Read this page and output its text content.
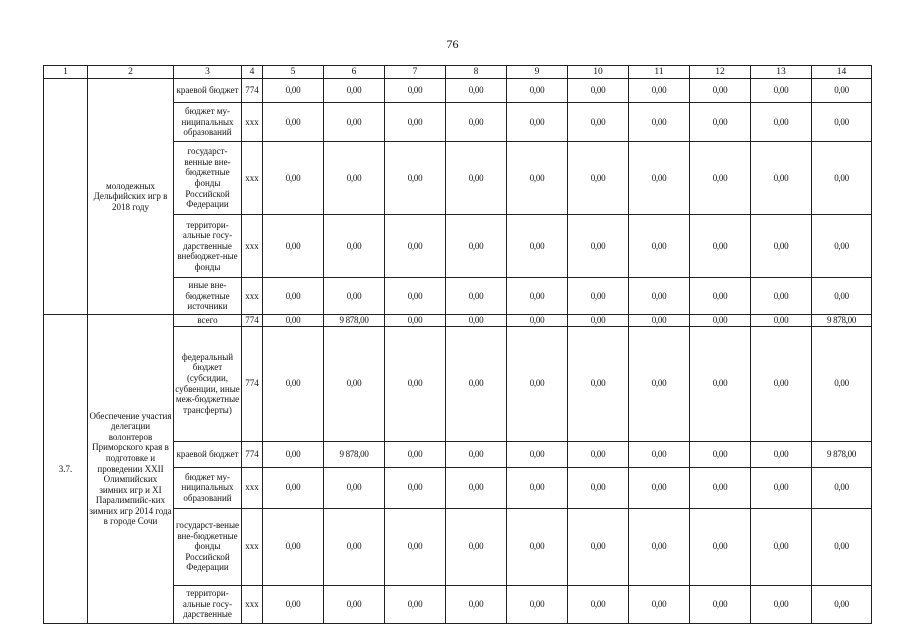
76
1	2	3	4	5	6	7	8	9	10	11	12	13	14
	молодежных Дельфийских игр в 2018 году	краевой бюджет	774	0,00	0,00	0,00	0,00	0,00	0,00	0,00	0,00	0,00	0,00
		бюджет му-ниципальных образований	xxx	0,00	0,00	0,00	0,00	0,00	0,00	0,00	0,00	0,00	0,00
		государст-венные вне-бюджетные фонды Российской Федерации	xxx	0,00	0,00	0,00	0,00	0,00	0,00	0,00	0,00	0,00	0,00
		территори-альные госу-дарственные внебюджет-ные фонды	xxx	0,00	0,00	0,00	0,00	0,00	0,00	0,00	0,00	0,00	0,00
		иные вне-бюджетные источники	xxx	0,00	0,00	0,00	0,00	0,00	0,00	0,00	0,00	0,00	0,00
3.7.	Обеспечение участия делегации волонтеров Приморского края в подготовке и проведении XXII Олимпийских зимних игр и XI Паралимпийс-ких зимних игр 2014 года в городе Сочи	всего	774	0,00	9 878,00	0,00	0,00	0,00	0,00	0,00	0,00	0,00	9 878,00
		федеральный бюджет (субсидии, субвенции, иные меж-бюджетные трансферты)	774	0,00	0,00	0,00	0,00	0,00	0,00	0,00	0,00	0,00	0,00
		краевой бюджет	774	0,00	9 878,00	0,00	0,00	0,00	0,00	0,00	0,00	0,00	9 878,00
		бюджет му-ниципальных образований	xxx	0,00	0,00	0,00	0,00	0,00	0,00	0,00	0,00	0,00	0,00
		государст-веные вне-бюджетные фонды Российской Федерации	xxx	0,00	0,00	0,00	0,00	0,00	0,00	0,00	0,00	0,00	0,00
		территори-альные госу-дарственные	xxx	0,00	0,00	0,00	0,00	0,00	0,00	0,00	0,00	0,00	0,00
